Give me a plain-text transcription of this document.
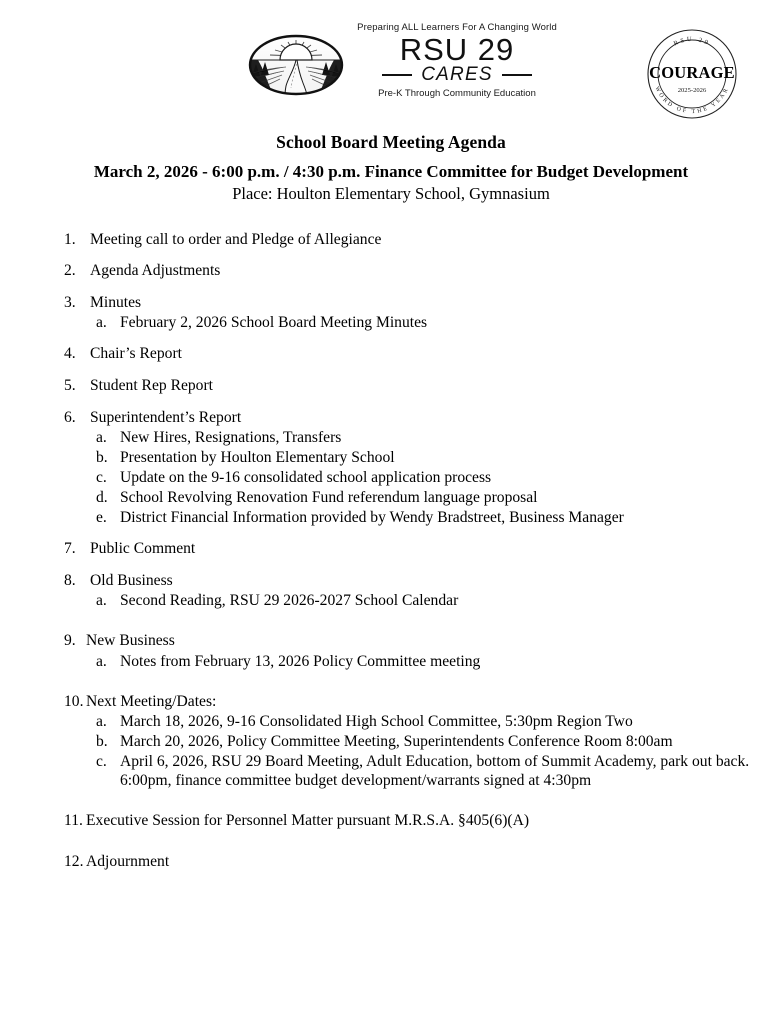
Preparing ALL Learners For A Changing World
RSU 29
CARES
Pre-K Through Community Education
RSU 29
COURAGE
2025-2026
WORD OF THE YEAR
School Board Meeting Agenda
March 2, 2026 - 6:00 p.m. / 4:30 p.m. Finance Committee for Budget Development
Place: Houlton Elementary School, Gymnasium
1. Meeting call to order and Pledge of Allegiance
2. Agenda Adjustments
3. Minutes
a. February 2, 2026 School Board Meeting Minutes
4. Chair’s Report
5. Student Rep Report
6. Superintendent’s Report
a. New Hires, Resignations, Transfers
b. Presentation by Houlton Elementary School
c. Update on the 9-16 consolidated school application process
d. School Revolving Renovation Fund referendum language proposal
e. District Financial Information provided by Wendy Bradstreet, Business Manager
7. Public Comment
8. Old Business
a. Second Reading, RSU 29 2026-2027 School Calendar
9. New Business
a. Notes from February 13, 2026 Policy Committee meeting
10. Next Meeting/Dates:
a. March 18, 2026, 9-16 Consolidated High School Committee, 5:30pm Region Two
b. March 20, 2026, Policy Committee Meeting, Superintendents Conference Room 8:00am
c. April 6, 2026, RSU 29 Board Meeting, Adult Education, bottom of Summit Academy, park out back. 6:00pm, finance committee budget development/warrants signed at 4:30pm
11. Executive Session for Personnel Matter pursuant M.R.S.A. §405(6)(A)
12. Adjournment
